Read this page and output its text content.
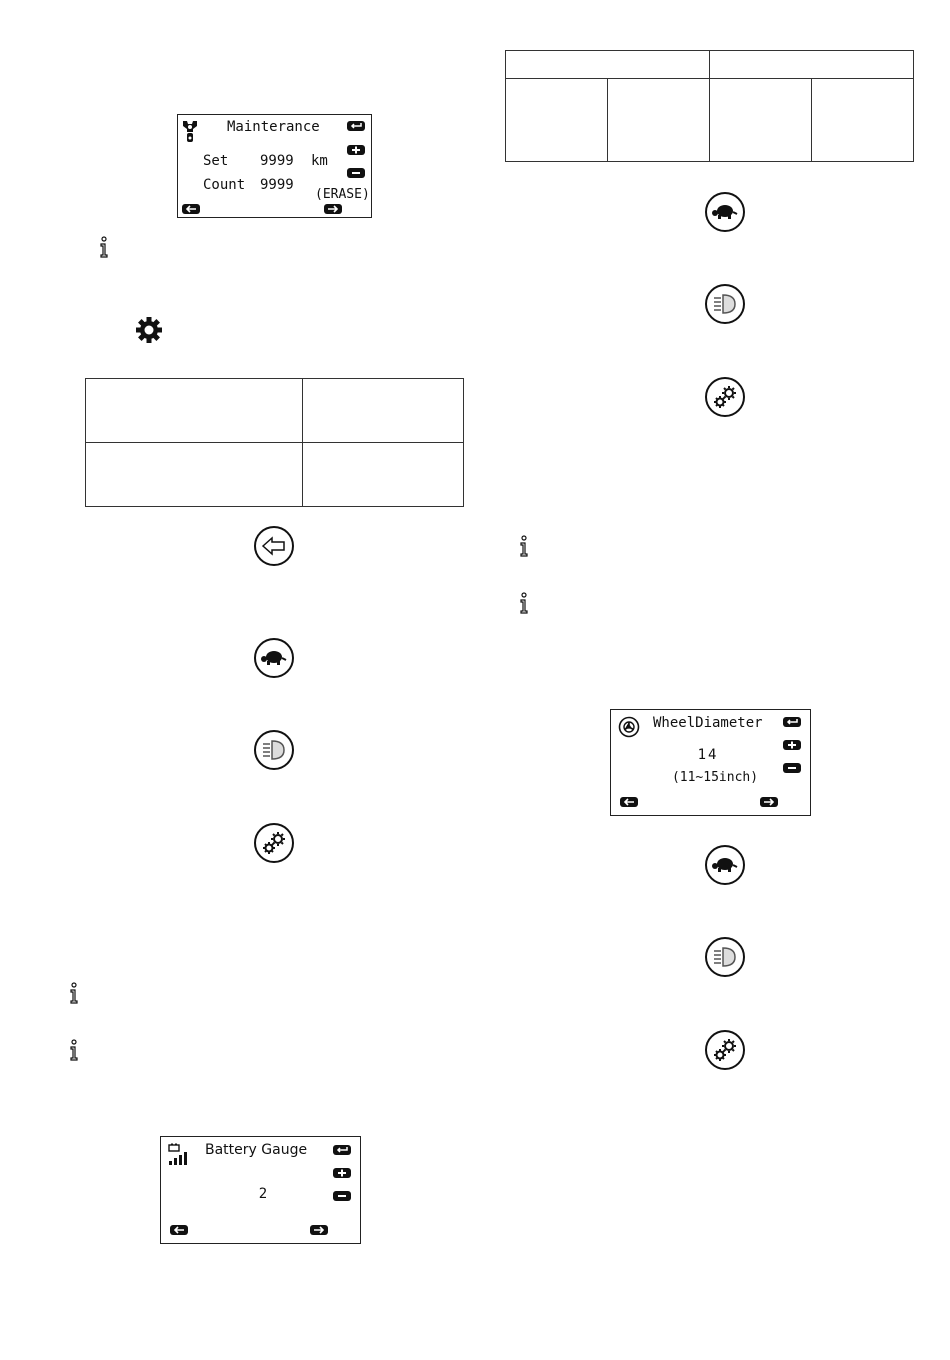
Mainterance
Set 9999 km
Count 9999
(ERASE)
Battery Gauge
2
WheelDiameter
14
(11~15inch)
